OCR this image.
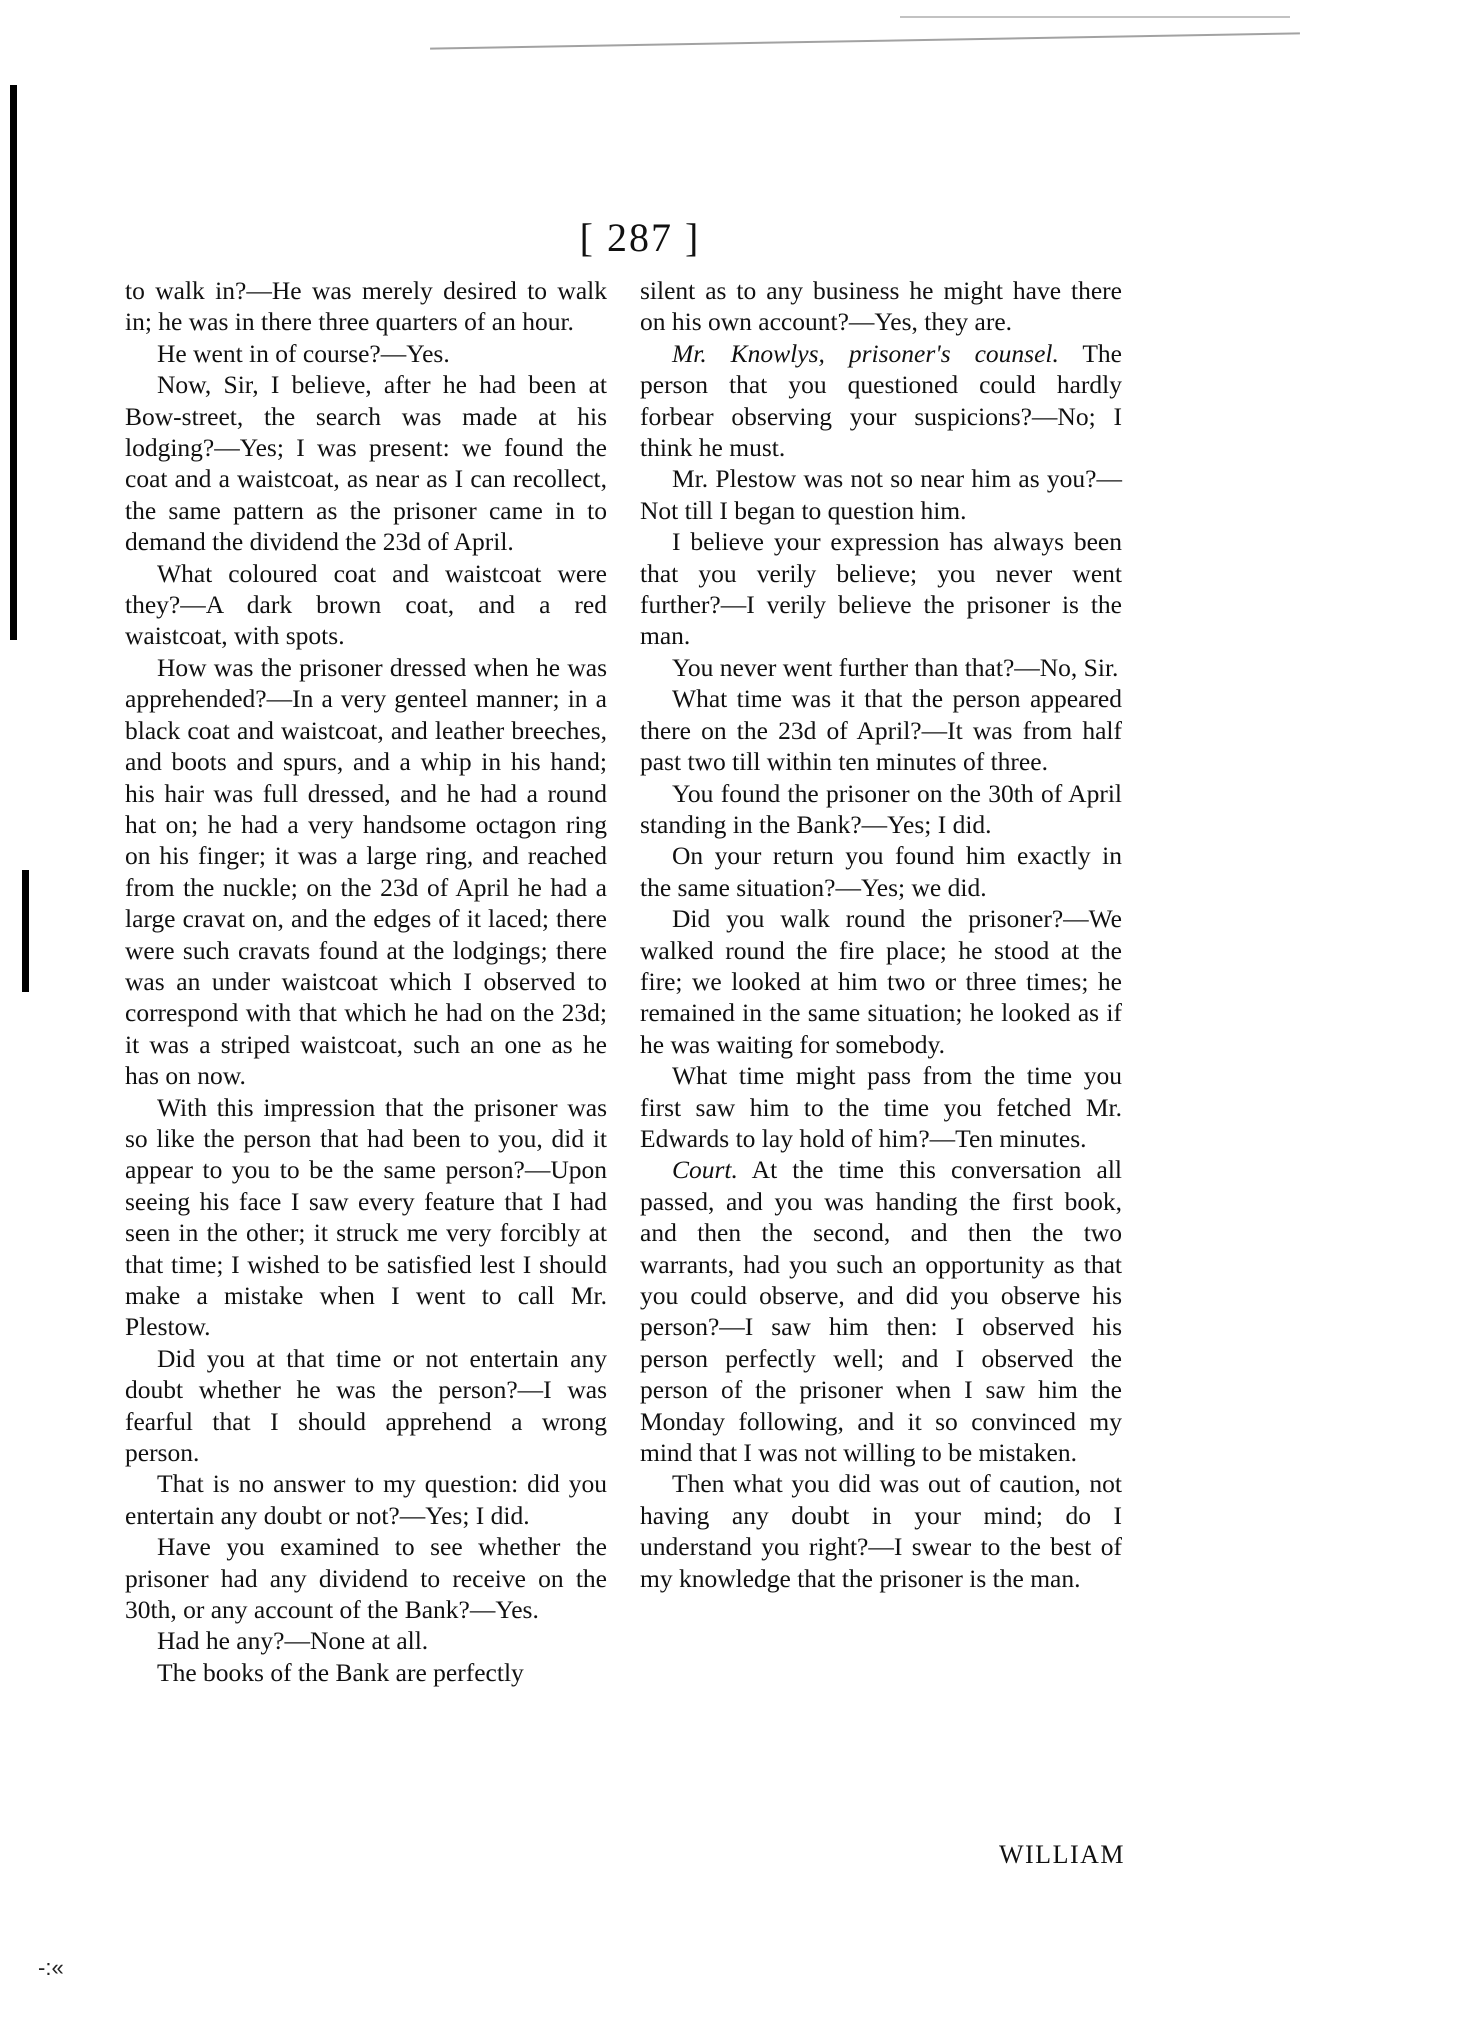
[ 287 ]

to walk in?—He was merely desired to walk in; he was in there three quarters of an hour.

He went in of course?—Yes.

Now, Sir, I believe, after he had been at Bow-street, the search was made at his lodging?—Yes; I was present: we found the coat and a waistcoat, as near as I can recollect, the same pattern as the prisoner came in to demand the dividend the 23d of April.

What coloured coat and waistcoat were they?—A dark brown coat, and a red waistcoat, with spots.

How was the prisoner dressed when he was apprehended?—In a very genteel manner; in a black coat and waistcoat, and leather breeches, and boots and spurs, and a whip in his hand; his hair was full dressed, and he had a round hat on; he had a very handsome octagon ring on his finger; it was a large ring, and reached from the nuckle; on the 23d of April he had a large cravat on, and the edges of it laced; there were such cravats found at the lodgings; there was an under waistcoat which I observed to correspond with that which he had on the 23d; it was a striped waistcoat, such an one as he has on now.

With this impression that the prisoner was so like the person that had been to you, did it appear to you to be the same person?—Upon seeing his face I saw every feature that I had seen in the other; it struck me very forcibly at that time; I wished to be satisfied lest I should make a mistake when I went to call Mr. Plestow.

Did you at that time or not entertain any doubt whether he was the person?—I was fearful that I should apprehend a wrong person.

That is no answer to my question: did you entertain any doubt or not?—Yes; I did.

Have you examined to see whether the prisoner had any dividend to receive on the 30th, or any account of the Bank?—Yes.

Had he any?—None at all.

The books of the Bank are perfectly

silent as to any business he might have there on his own account?—Yes, they are.

Mr. Knowlys, prisoner's counsel. The person that you questioned could hardly forbear observing your suspicions?—No; I think he must.

Mr. Plestow was not so near him as you?—Not till I began to question him.

I believe your expression has always been that you verily believe; you never went further?—I verily believe the prisoner is the man.

You never went further than that?—No, Sir.

What time was it that the person appeared there on the 23d of April?—It was from half past two till within ten minutes of three.

You found the prisoner on the 30th of April standing in the Bank?—Yes; I did.

On your return you found him exactly in the same situation?—Yes; we did.

Did you walk round the prisoner?—We walked round the fire place; he stood at the fire; we looked at him two or three times; he remained in the same situation; he looked as if he was waiting for somebody.

What time might pass from the time you first saw him to the time you fetched Mr. Edwards to lay hold of him?—Ten minutes.

Court. At the time this conversation all passed, and you was handing the first book, and then the second, and then the two warrants, had you such an opportunity as that you could observe, and did you observe his person?—I saw him then: I observed his person perfectly well; and I observed the person of the prisoner when I saw him the Monday following, and it so convinced my mind that I was not willing to be mistaken.

Then what you did was out of caution, not having any doubt in your mind; do I understand you right?—I swear to the best of my knowledge that the prisoner is the man.

WILLIAM
-:«
